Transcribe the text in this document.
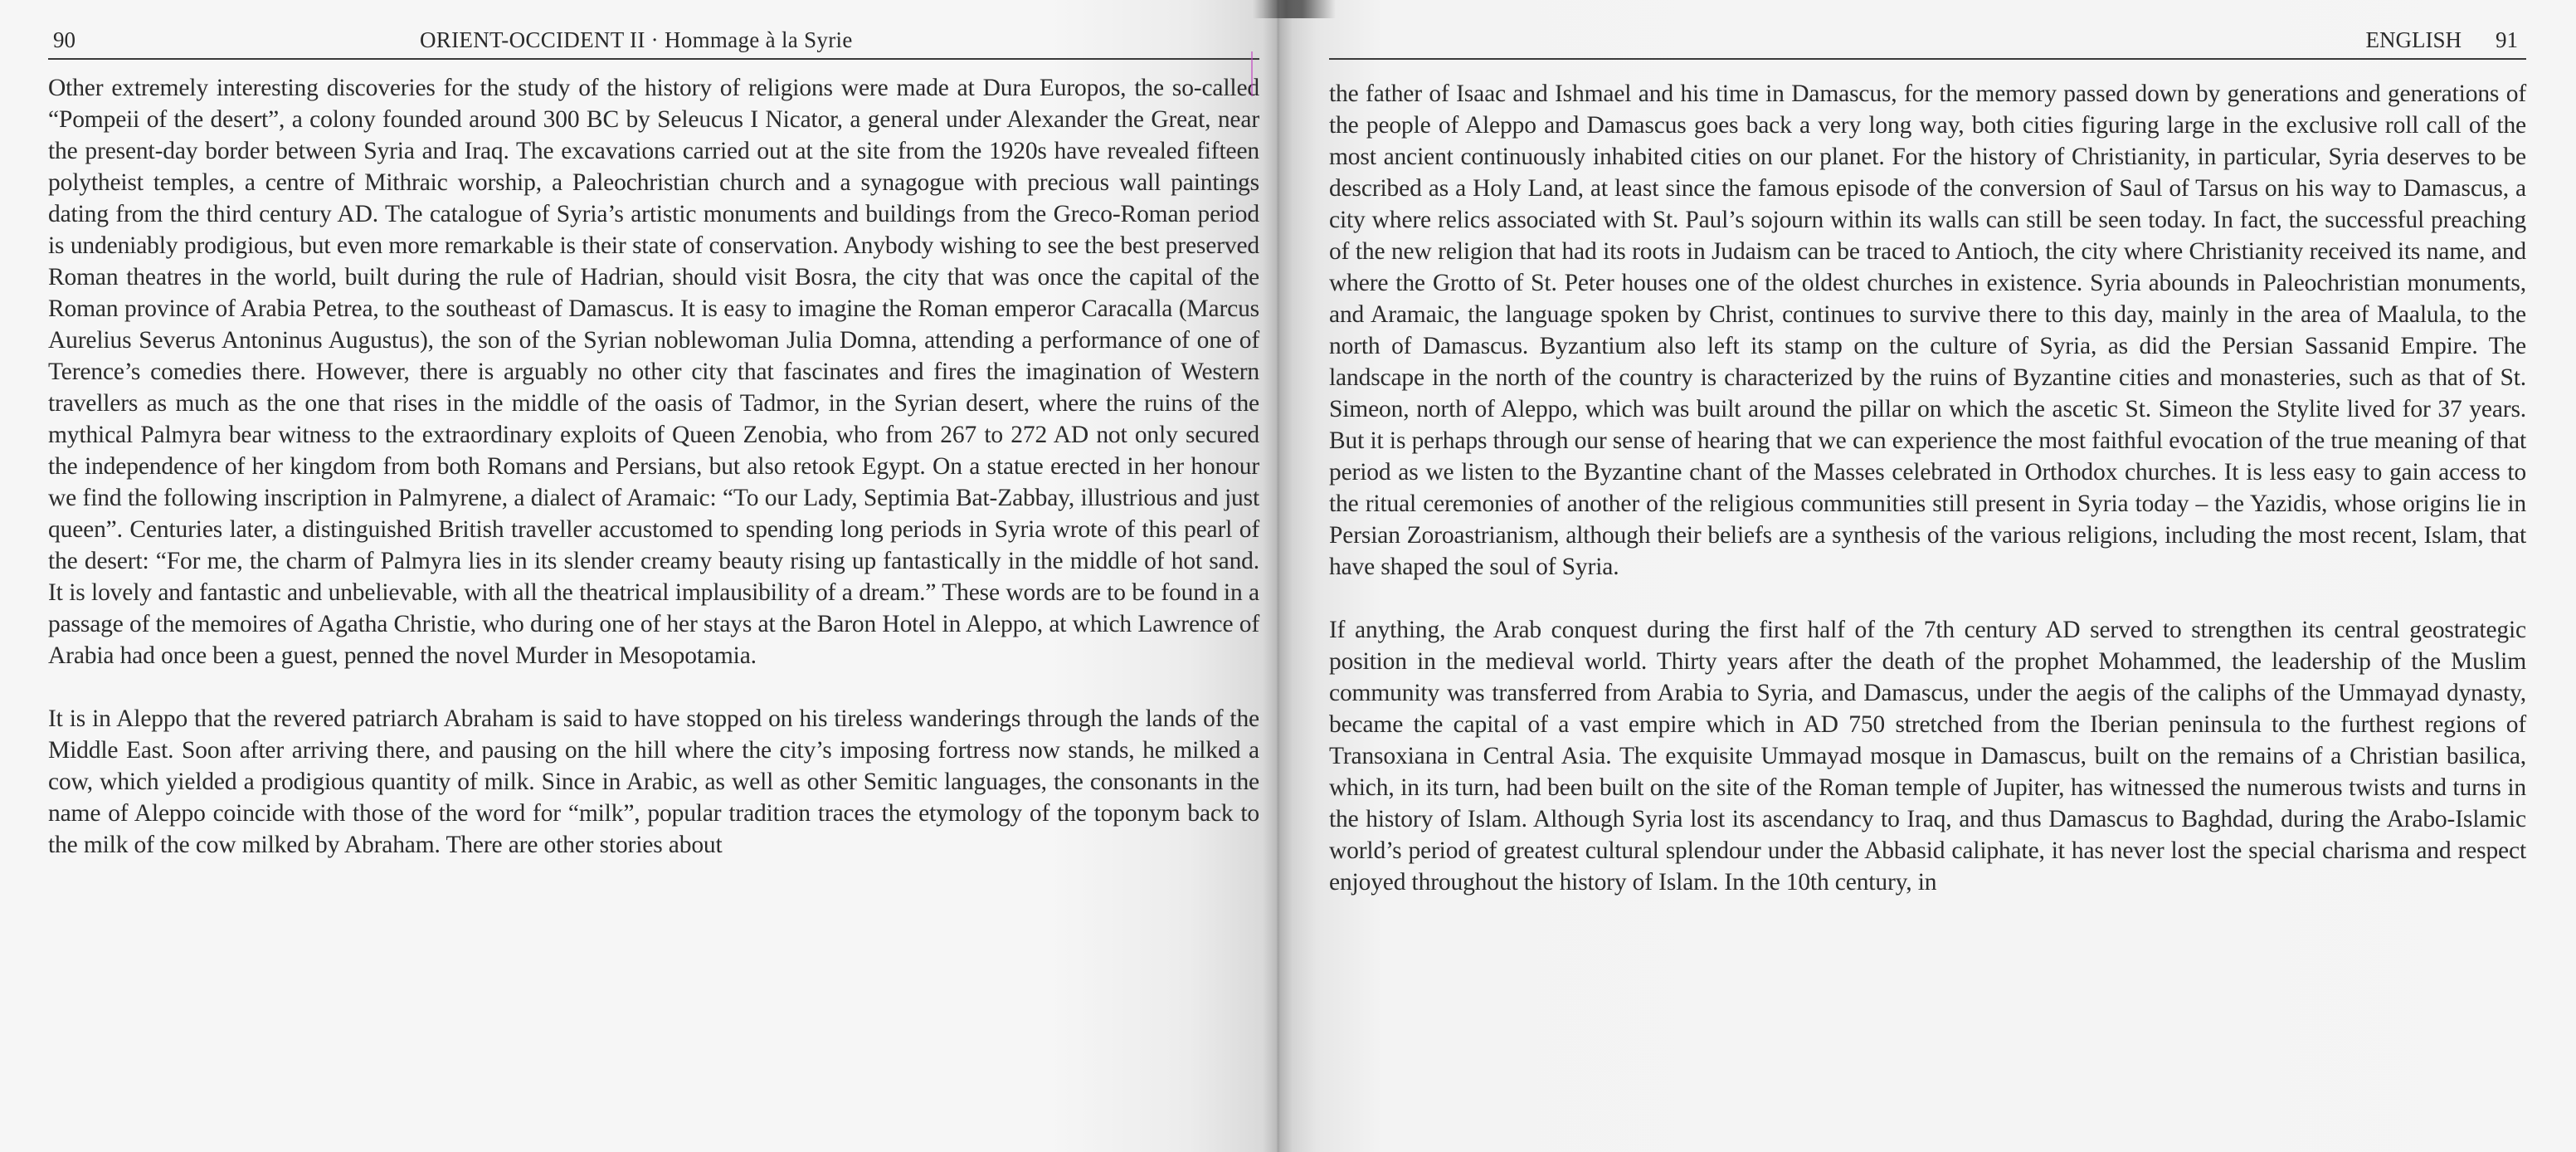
90	ORIENT-OCCIDENT II · Hommage à la Syrie

Other extremely interesting discoveries for the study of the history of religions were made at Dura Europos, the so-called “Pompeii of the desert”, a colony founded around 300 BC by Seleucus I Nicator, a general under Alexander the Great, near the present-day border between Syria and Iraq. The excavations carried out at the site from the 1920s have revealed fifteen polytheist temples, a centre of Mithraic worship, a Paleochristian church and a synagogue with precious wall paintings dating from the third century AD. The catalogue of Syria’s artistic monuments and buildings from the Greco-Roman period is undeniably prodigious, but even more remarkable is their state of conservation. Anybody wishing to see the best preserved Roman theatres in the world, built during the rule of Hadrian, should visit Bosra, the city that was once the capital of the Roman province of Arabia Petrea, to the southeast of Damascus. It is easy to imagine the Roman emperor Caracalla (Marcus Aurelius Severus Antoninus Augustus), the son of the Syrian noblewoman Julia Domna, attending a performance of one of Terence’s comedies there. However, there is arguably no other city that fascinates and fires the imagination of Western travellers as much as the one that rises in the middle of the oasis of Tadmor, in the Syrian desert, where the ruins of the mythical Palmyra bear witness to the extraordinary exploits of Queen Zenobia, who from 267 to 272 AD not only secured the independence of her kingdom from both Romans and Persians, but also retook Egypt. On a statue erected in her honour we find the following inscription in Palmyrene, a dialect of Aramaic: “To our Lady, Septimia Bat-Zabbay, illustrious and just queen”. Centuries later, a distinguished British traveller accustomed to spending long periods in Syria wrote of this pearl of the desert: “For me, the charm of Palmyra lies in its slender creamy beauty rising up fantastically in the middle of hot sand. It is lovely and fantastic and unbelievable, with all the theatrical implausibility of a dream.” These words are to be found in a passage of the memoires of Agatha Christie, who during one of her stays at the Baron Hotel in Aleppo, at which Lawrence of Arabia had once been a guest, penned the novel Murder in Mesopotamia.

It is in Aleppo that the revered patriarch Abraham is said to have stopped on his tireless wanderings through the lands of the Middle East. Soon after arriving there, and pausing on the hill where the city’s imposing fortress now stands, he milked a cow, which yielded a prodigious quantity of milk. Since in Arabic, as well as other Semitic languages, the consonants in the name of Aleppo coincide with those of the word for “milk”, popular tradition traces the etymology of the toponym back to the milk of the cow milked by Abraham. There are other stories about

ENGLISH 91

the father of Isaac and Ishmael and his time in Damascus, for the memory passed down by generations and generations of the people of Aleppo and Damascus goes back a very long way, both cities figuring large in the exclusive roll call of the most ancient continuously inhabited cities on our planet. For the history of Christianity, in particular, Syria deserves to be described as a Holy Land, at least since the famous episode of the conversion of Saul of Tarsus on his way to Damascus, a city where relics associated with St. Paul’s sojourn within its walls can still be seen today. In fact, the successful preaching of the new religion that had its roots in Judaism can be traced to Antioch, the city where Christianity received its name, and where the Grotto of St. Peter houses one of the oldest churches in existence. Syria abounds in Paleochristian monuments, and Aramaic, the language spoken by Christ, continues to survive there to this day, mainly in the area of Maalula, to the north of Damascus. Byzantium also left its stamp on the culture of Syria, as did the Persian Sassanid Empire. The landscape in the north of the country is characterized by the ruins of Byzantine cities and monasteries, such as that of St. Simeon, north of Aleppo, which was built around the pillar on which the ascetic St. Simeon the Stylite lived for 37 years. But it is perhaps through our sense of hearing that we can experience the most faithful evocation of the true meaning of that period as we listen to the Byzantine chant of the Masses celebrated in Orthodox churches. It is less easy to gain access to the ritual ceremonies of another of the religious communities still present in Syria today – the Yazidis, whose origins lie in Persian Zoroastrianism, although their beliefs are a synthesis of the various religions, including the most recent, Islam, that have shaped the soul of Syria.

If anything, the Arab conquest during the first half of the 7th century AD served to strengthen its central geostrategic position in the medieval world. Thirty years after the death of the prophet Mohammed, the leadership of the Muslim community was transferred from Arabia to Syria, and Damascus, under the aegis of the caliphs of the Ummayad dynasty, became the capital of a vast empire which in AD 750 stretched from the Iberian peninsula to the furthest regions of Transoxiana in Central Asia. The exquisite Ummayad mosque in Damascus, built on the remains of a Christian basilica, which, in its turn, had been built on the site of the Roman temple of Jupiter, has witnessed the numerous twists and turns in the history of Islam. Although Syria lost its ascendancy to Iraq, and thus Damascus to Baghdad, during the Arabo-Islamic world’s period of greatest cultural splendour under the Abbasid caliphate, it has never lost the special charisma and respect enjoyed throughout the history of Islam. In the 10th century, in
